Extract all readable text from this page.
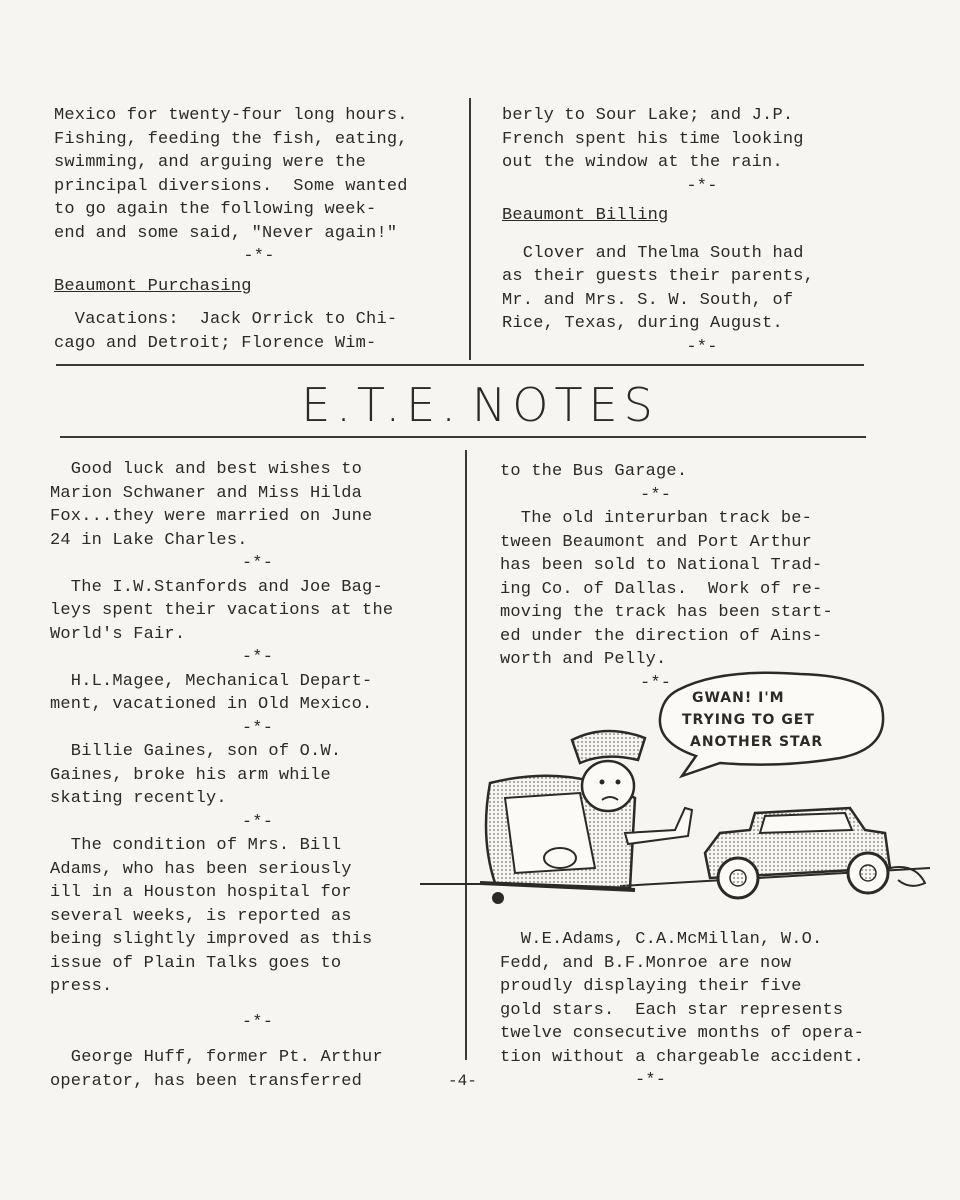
Mexico for twenty-four long hours.

Fishing, feeding the fish, eating,

swimming, and arguing were the

principal diversions.  Some wanted

to go again the following week-

end and some said, "Never again!"

-*-

Beaumont Purchasing

Vacations:  Jack Orrick to Chi-

cago and Detroit; Florence Wim-

berly to Sour Lake; and J.P.

French spent his time looking

out the window at the rain.

-*-

Beaumont Billing

Clover and Thelma South had

as their guests their parents,

Mr. and Mrs. S. W. South, of

Rice, Texas, during August.

-*-

E.T.E. NOTES

Good luck and best wishes to

Marion Schwaner and Miss Hilda

Fox...they were married on June

24 in Lake Charles.

-*-

The I.W.Stanfords and Joe Bag-

leys spent their vacations at the

World's Fair.

-*-

H.L.Magee, Mechanical Depart-

ment, vacationed in Old Mexico.

-*-

Billie Gaines, son of O.W.

Gaines, broke his arm while

skating recently.

-*-

The condition of Mrs. Bill

Adams, who has been seriously

ill in a Houston hospital for

several weeks, is reported as

being slightly improved as this

issue of Plain Talks goes to

press.

-*-

George Huff, former Pt. Arthur

operator, has been transferred

to the Bus Garage.

-*-

The old interurban track be-

tween Beaumont and Port Arthur

has been sold to National Trad-

ing Co. of Dallas.  Work of re-

moving the track has been start-

ed under the direction of Ains-

worth and Pelly.

-*-

GWAN! I'M
TRYING TO GET
ANOTHER STAR

W.E.Adams, C.A.McMillan, W.O.

Fedd, and B.F.Monroe are now

proudly displaying their five

gold stars.  Each star represents

twelve consecutive months of opera-

tion without a chargeable accident.

-*-

-4-
